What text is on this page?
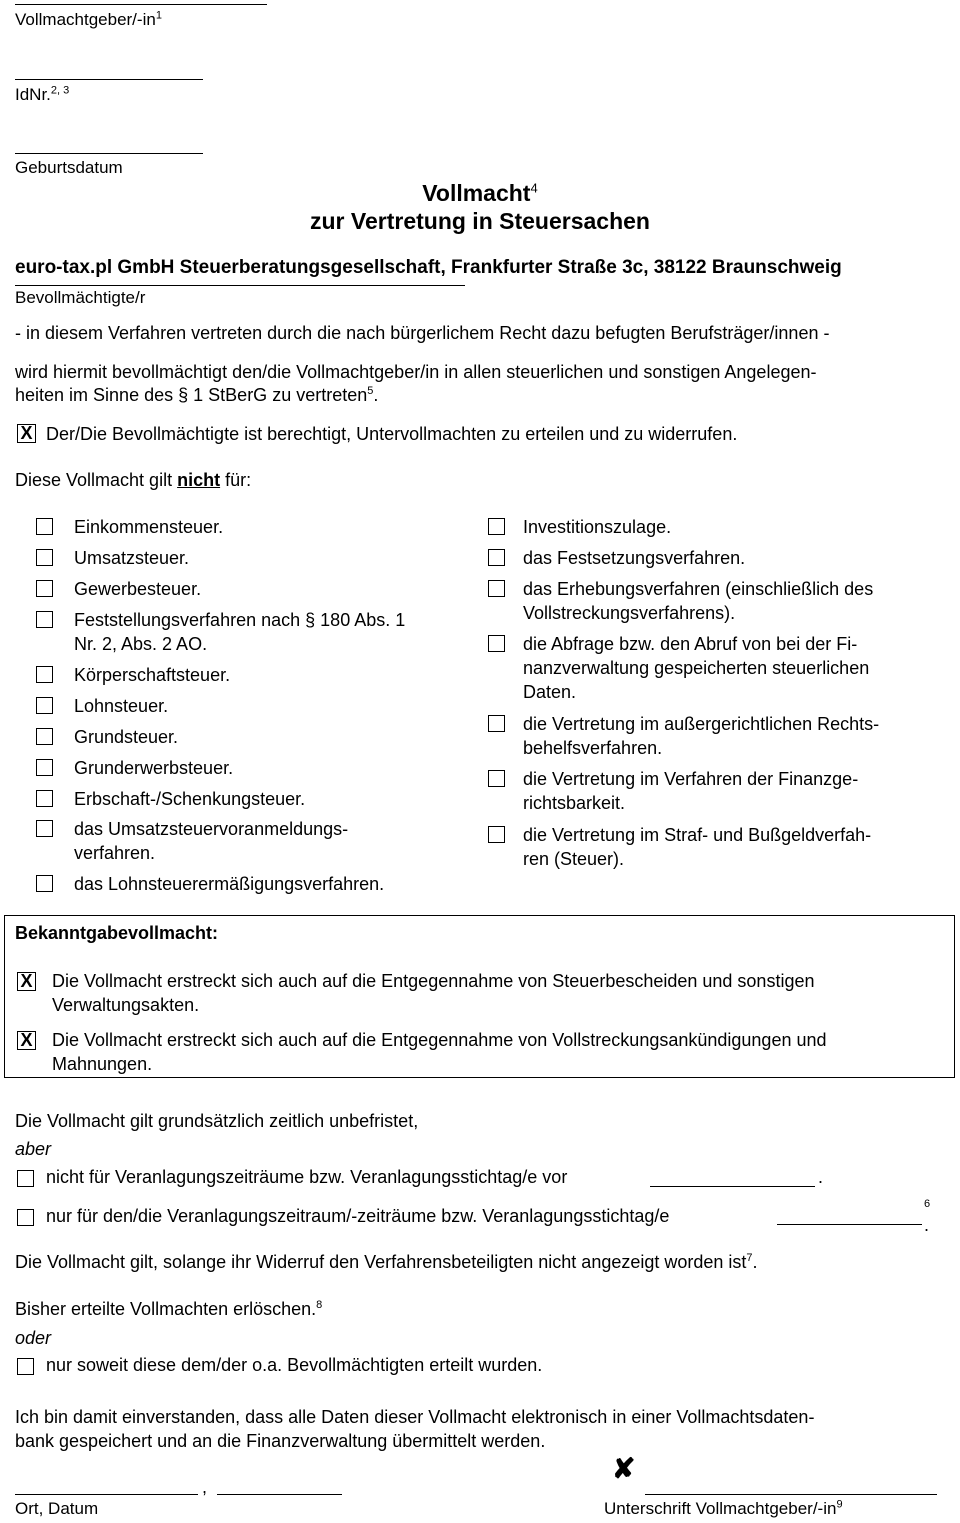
Vollmachtgeber/$-in^1$
IdNr.$^{2, 3}$
Geburtsdatum
Vollmacht$^4$
zur Vertretung in Steuersachen
euro-tax.pl GmbH Steuerberatungsgesellschaft, Frankfurter Straße 3c, 38122 Braunschweig
Bevollmächtigte/r
- in diesem Verfahren vertreten durch die nach bürgerlichem Recht dazu befugten Berufsträger/innen -
wird hiermit bevollmächtigt den/die Vollmachtgeber/in in allen steuerlichen und sonstigen Angelegen-
heiten im Sinne des § 1 StBerG zu vertreten$^5$.
X Der/Die Bevollmächtigte ist berechtigt, Untervollmachten zu erteilen und zu widerrufen.
Diese Vollmacht gilt nicht für:
Einkommensteuer.
Umsatzsteuer.
Gewerbesteuer.
Feststellungsverfahren nach § 180 Abs. 1
Nr. 2, Abs. 2 AO.
Körperschaftsteuer.
Lohnsteuer.
Grundsteuer.
Grunderwerbsteuer.
Erbschaft-/Schenkungsteuer.
das Umsatzsteuervoranmeldungs-
verfahren.
das Lohnsteuerermäßigungsverfahren.
Investitionszulage.
das Festsetzungsverfahren.
das Erhebungsverfahren (einschließlich des
Vollstreckungsverfahrens).
die Abfrage bzw. den Abruf von bei der Fi-
nanzverwaltung gespeicherten steuerlichen
Daten.
die Vertretung im außergerichtlichen Rechts-
behelfsverfahren.
die Vertretung im Verfahren der Finanzge-
richtsbarkeit.
die Vertretung im Straf- und Bußgeldverfah-
ren (Steuer).
Bekanntgabevollmacht:
X Die Vollmacht erstreckt sich auch auf die Entgegennahme von Steuerbescheiden und sonstigen
Verwaltungsakten.
X Die Vollmacht erstreckt sich auch auf die Entgegennahme von Vollstreckungsankündigungen und
Mahnungen.
Die Vollmacht gilt grundsätzlich zeitlich unbefristet,
aber
nicht für Veranlagungszeiträume bzw. Veranlagungsstichtag/e vor	.
nur für den/die Veranlagungszeitraum/-zeiträume bzw. Veranlagungsstichtag/e
$^6$
.
Die Vollmacht gilt, solange ihr Widerruf den Verfahrensbeteiligten nicht angezeigt worden ist$^7$.
Bisher erteilte Vollmachten erlöschen.$^8$
oder
nur soweit diese dem/der o.a. Bevollmächtigten erteilt wurden.
Ich bin damit einverstanden, dass alle Daten dieser Vollmacht elektronisch in einer Vollmachtsdaten-
bank gespeichert und an die Finanzverwaltung übermittelt werden.
,
Ort, Datum
✘
Unterschrift Vollmachtgeber/$-in^9$
